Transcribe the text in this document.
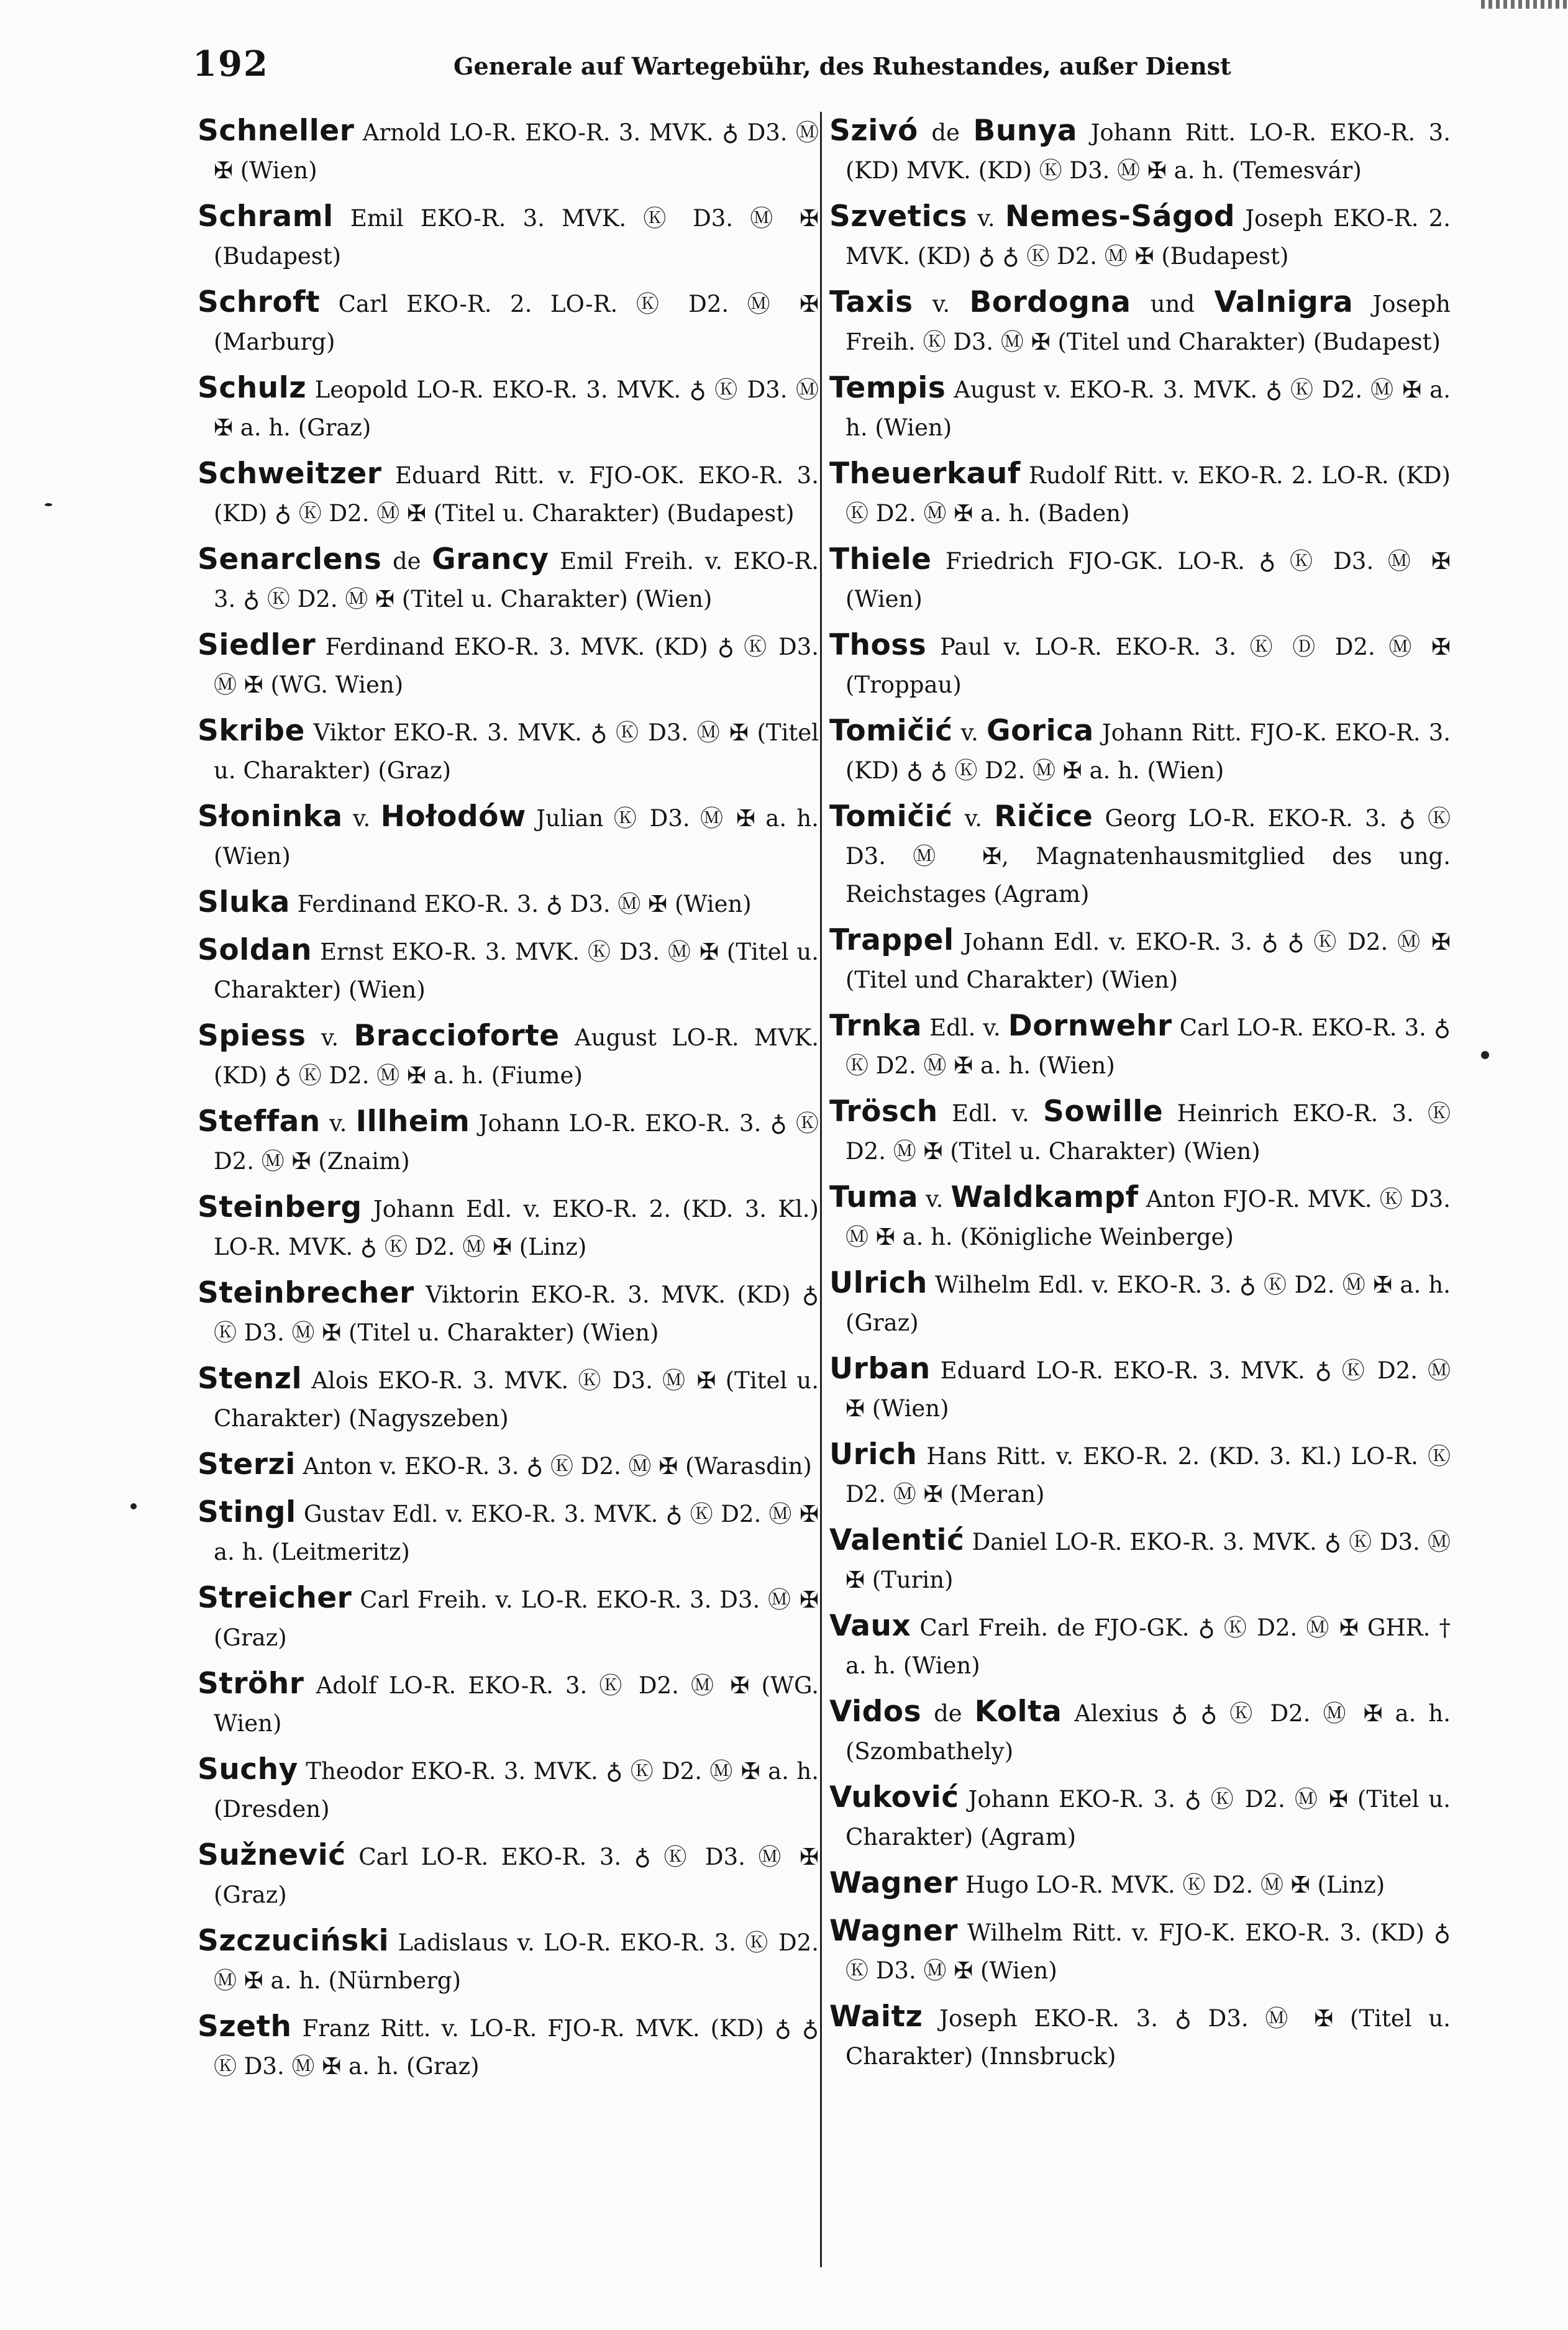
192	Generale auf Wartegebühr, des Ruhestandes, außer Dienst
Schneller Arnold LO-R. EKO-R. 3. MVK. ♁ D3. Ⓜ ✠ (Wien)
Schraml Emil EKO-R. 3. MVK. Ⓚ D3. Ⓜ ✠ (Budapest)
Schroft Carl EKO-R. 2. LO-R. Ⓚ D2. Ⓜ ✠ (Marburg)
Schulz Leopold LO-R. EKO-R. 3. MVK. ♁ Ⓚ D3. Ⓜ ✠ a. h. (Graz)
Schweitzer Eduard Ritt. v. FJO-OK. EKO-R. 3. (KD) ♁ Ⓚ D2. Ⓜ ✠ (Titel u. Charakter) (Budapest)
Senarclens de Grancy Emil Freih. v. EKO-R. 3. ♁ Ⓚ D2. Ⓜ ✠ (Titel u. Charakter) (Wien)
Siedler Ferdinand EKO-R. 3. MVK. (KD) ♁ Ⓚ D3. Ⓜ ✠ (WG. Wien)
Skribe Viktor EKO-R. 3. MVK. ♁ Ⓚ D3. Ⓜ ✠ (Titel u. Charakter) (Graz)
Słoninka v. Hołodów Julian Ⓚ D3. Ⓜ ✠ a. h. (Wien)
Sluka Ferdinand EKO-R. 3. ♁ D3. Ⓜ ✠ (Wien)
Soldan Ernst EKO-R. 3. MVK. Ⓚ D3. Ⓜ ✠ (Titel u. Charakter) (Wien)
Spiess v. Braccioforte August LO-R. MVK. (KD) ♁ Ⓚ D2. Ⓜ ✠ a. h. (Fiume)
Steffan v. Illheim Johann LO-R. EKO-R. 3. ♁ Ⓚ D2. Ⓜ ✠ (Znaim)
Steinberg Johann Edl. v. EKO-R. 2. (KD. 3. Kl.) LO-R. MVK. ♁ Ⓚ D2. Ⓜ ✠ (Linz)
Steinbrecher Viktorin EKO-R. 3. MVK. (KD) ♁ Ⓚ D3. Ⓜ ✠ (Titel u. Charakter) (Wien)
Stenzl Alois EKO-R. 3. MVK. Ⓚ D3. Ⓜ ✠ (Titel u. Charakter) (Nagyszeben)
Sterzi Anton v. EKO-R. 3. ♁ Ⓚ D2. Ⓜ ✠ (Warasdin)
Stingl Gustav Edl. v. EKO-R. 3. MVK. ♁ Ⓚ D2. Ⓜ ✠ a. h. (Leitmeritz)
Streicher Carl Freih. v. LO-R. EKO-R. 3. D3. Ⓜ ✠ (Graz)
Ströhr Adolf LO-R. EKO-R. 3. Ⓚ D2. Ⓜ ✠ (WG. Wien)
Suchy Theodor EKO-R. 3. MVK. ♁ Ⓚ D2. Ⓜ ✠ a. h. (Dresden)
Sužnević Carl LO-R. EKO-R. 3. ♁ Ⓚ D3. Ⓜ ✠ (Graz)
Szczuciński Ladislaus v. LO-R. EKO-R. 3. Ⓚ D2. Ⓜ ✠ a. h. (Nürnberg)
Szeth Franz Ritt. v. LO-R. FJO-R. MVK. (KD) ♁ ♁ Ⓚ D3. Ⓜ ✠ a. h. (Graz)
Szivó de Bunya Johann Ritt. LO-R. EKO-R. 3. (KD) MVK. (KD) Ⓚ D3. Ⓜ ✠ a. h. (Temesvár)
Szvetics v. Nemes-Ságod Joseph EKO-R. 2. MVK. (KD) ♁ ♁ Ⓚ D2. Ⓜ ✠ (Budapest)
Taxis v. Bordogna und Valnigra Joseph Freih. Ⓚ D3. Ⓜ ✠ (Titel und Charakter) (Budapest)
Tempis August v. EKO-R. 3. MVK. ♁ Ⓚ D2. Ⓜ ✠ a. h. (Wien)
Theuerkauf Rudolf Ritt. v. EKO-R. 2. LO-R. (KD) Ⓚ D2. Ⓜ ✠ a. h. (Baden)
Thiele Friedrich FJO-GK. LO-R. ♁ Ⓚ D3. Ⓜ ✠ (Wien)
Thoss Paul v. LO-R. EKO-R. 3. Ⓚ Ⓓ D2. Ⓜ ✠ (Troppau)
Tomičić v. Gorica Johann Ritt. FJO-K. EKO-R. 3. (KD) ♁ ♁ Ⓚ D2. Ⓜ ✠ a. h. (Wien)
Tomičić v. Ričice Georg LO-R. EKO-R. 3. ♁ Ⓚ D3. Ⓜ ✠, Magnatenhausmitglied des ung. Reichstages (Agram)
Trappel Johann Edl. v. EKO-R. 3. ♁ ♁ Ⓚ D2. Ⓜ ✠ (Titel und Charakter) (Wien)
Trnka Edl. v. Dornwehr Carl LO-R. EKO-R. 3. ♁ Ⓚ D2. Ⓜ ✠ a. h. (Wien)
Trösch Edl. v. Sowille Heinrich EKO-R. 3. Ⓚ D2. Ⓜ ✠ (Titel u. Charakter) (Wien)
Tuma v. Waldkampf Anton FJO-R. MVK. Ⓚ D3. Ⓜ ✠ a. h. (Königliche Weinberge)
Ulrich Wilhelm Edl. v. EKO-R. 3. ♁ Ⓚ D2. Ⓜ ✠ a. h. (Graz)
Urban Eduard LO-R. EKO-R. 3. MVK. ♁ Ⓚ D2. Ⓜ ✠ (Wien)
Urich Hans Ritt. v. EKO-R. 2. (KD. 3. Kl.) LO-R. Ⓚ D2. Ⓜ ✠ (Meran)
Valentić Daniel LO-R. EKO-R. 3. MVK. ♁ Ⓚ D3. Ⓜ ✠ (Turin)
Vaux Carl Freih. de FJO-GK. ♁ Ⓚ D2. Ⓜ ✠ GHR. † a. h. (Wien)
Vidos de Kolta Alexius ♁ ♁ Ⓚ D2. Ⓜ ✠ a. h. (Szombathely)
Vuković Johann EKO-R. 3. ♁ Ⓚ D2. Ⓜ ✠ (Titel u. Charakter) (Agram)
Wagner Hugo LO-R. MVK. Ⓚ D2. Ⓜ ✠ (Linz)
Wagner Wilhelm Ritt. v. FJO-K. EKO-R. 3. (KD) ♁ Ⓚ D3. Ⓜ ✠ (Wien)
Waitz Joseph EKO-R. 3. ♁ D3. Ⓜ ✠ (Titel u. Charakter) (Innsbruck)
